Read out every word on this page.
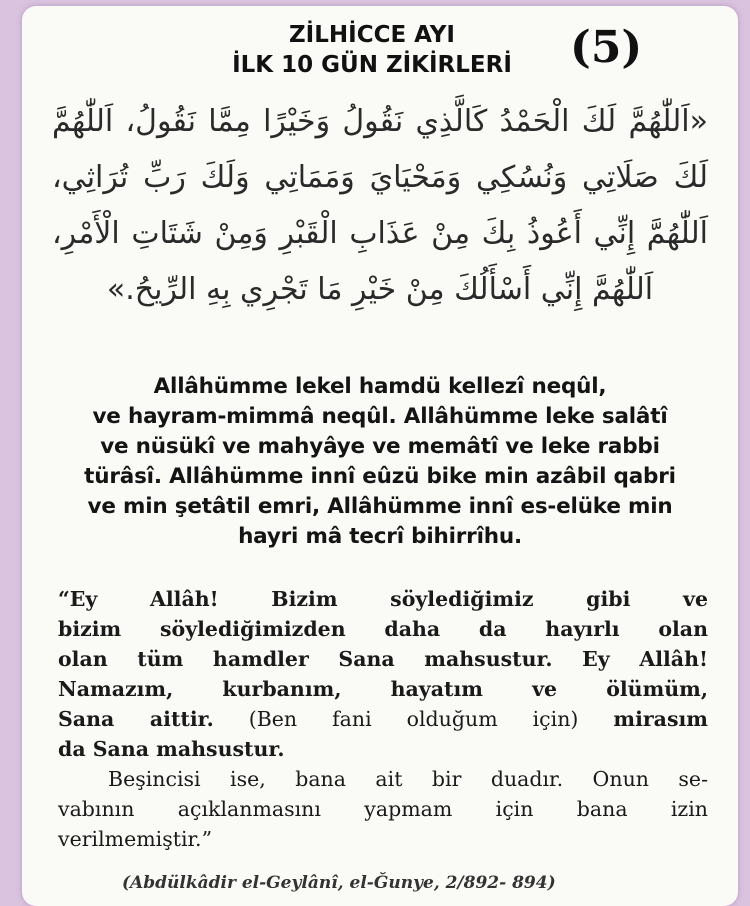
ZİLHİCCE AYI
İLK 10 GÜN ZİKİRLERİ	(5)
«اَللّٰهُمَّ لَكَ الْحَمْدُ كَالَّذِي نَقُولُ وَخَيْرًا مِمَّا نَقُولُ، اَللّٰهُمَّ لَكَ صَلَاتِي وَنُسُكِي وَمَحْيَايَ وَمَمَاتِي وَلَكَ رَبِّ تُرَاثِي، اَللّٰهُمَّ إِنِّي أَعُوذُ بِكَ مِنْ عَذَابِ الْقَبْرِ وَمِنْ شَتَاتِ الْأَمْرِ، اَللّٰهُمَّ إِنِّي أَسْأَلُكَ مِنْ خَيْرِ مَا تَجْرِي بِهِ الرِّيحُ.»
Allâhümme lekel hamdü kellezî neqûl,
ve hayram-mimmâ neqûl. Allâhümme leke salâtî
ve nüsükî ve mahyâye ve memâtî ve leke rabbi
türâsî. Allâhümme innî eûzü bike min azâbil qabri
ve min şetâtil emri, Allâhümme innî es-elüke min
hayri mâ tecrî bihirrîhu.
“Ey Allâh! Bizim söylediğimiz gibi ve
bizim söylediğimizden daha da hayırlı olan
olan tüm hamdler Sana mahsustur. Ey Allâh!
Namazım, kurbanım, hayatım ve ölümüm,
Sana aittir. (Ben fani olduğum için) mirasım
da Sana mahsustur.
Beşincisi ise, bana ait bir duadır. Onun se-
vabının açıklanmasını yapmam için bana izin
verilmemiştir.”
(Abdülkâdir el-Geylânî, el-Ğunye, 2/892- 894)
